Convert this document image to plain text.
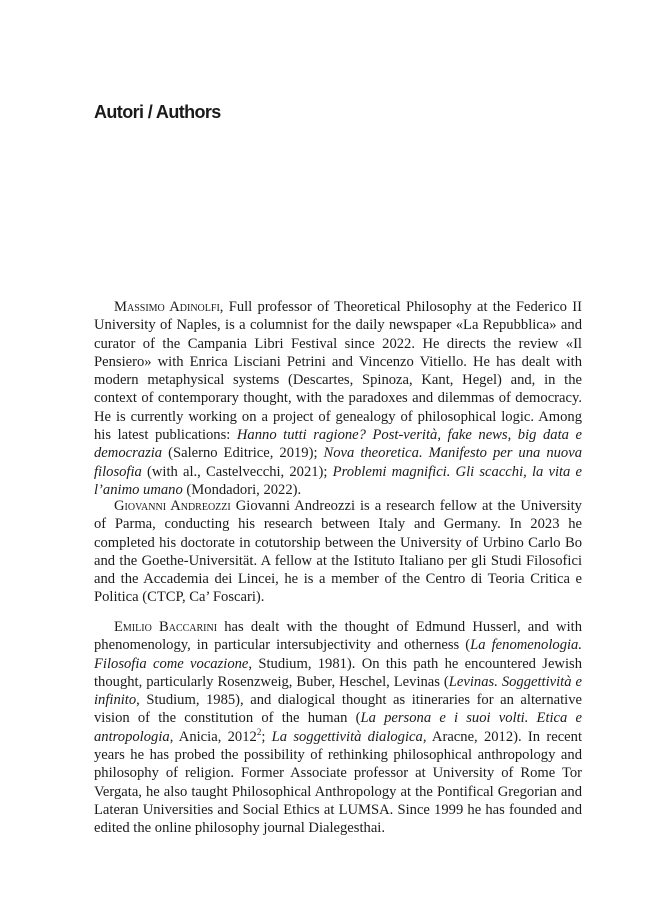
Autori / Authors

Massimo Adinolfi, Full professor of Theoretical Philosophy at the Federico II University of Naples, is a columnist for the daily newspaper «La Repubblica» and curator of the Campania Libri Festival since 2022. He directs the review «Il Pensiero» with Enrica Lisciani Petrini and Vincenzo Vitiello. He has dealt with modern metaphysical systems (Descartes, Spinoza, Kant, Hegel) and, in the context of contemporary thought, with the paradoxes and dilemmas of democracy. He is currently working on a project of genealogy of philosophical logic. Among his latest publications: Hanno tutti ragione? Post-verità, fake news, big data e democrazia (Salerno Editrice, 2019); Nova theoretica. Manifesto per una nuova filosofia (with al., Castelvecchi, 2021); Problemi magnifici. Gli scacchi, la vita e l’animo umano (Mondadori, 2022).

Giovanni Andreozzi Giovanni Andreozzi is a research fellow at the University of Parma, conducting his research between Italy and Germany. In 2023 he completed his doctorate in cotutorship between the University of Urbino Carlo Bo and the Goethe-Universität. A fellow at the Istituto Italiano per gli Studi Filosofici and the Accademia dei Lincei, he is a member of the Centro di Teoria Critica e Politica (CTCP, Ca’ Foscari).

Emilio Baccarini has dealt with the thought of Edmund Husserl, and with phenomenology, in particular intersubjectivity and otherness (La fenomenologia. Filosofia come vocazione, Studium, 1981). On this path he encountered Jewish thought, particularly Rosenzweig, Buber, Heschel, Levinas (Levinas. Soggettività e infinito, Studium, 1985), and dialogical thought as itineraries for an alternative vision of the constitution of the human (La persona e i suoi volti. Etica e antropologia, Anicia, 2012$^2$; La soggettività dialogica, Aracne, 2012). In recent years he has probed the possibility of rethinking philosophical anthropology and philosophy of religion. Former Associate professor at University of Rome Tor Vergata, he also taught Philosophical Anthropology at the Pontifical Gregorian and Lateran Universities and Social Ethics at LUMSA. Since 1999 he has founded and edited the online philosophy journal Dialegesthai.
